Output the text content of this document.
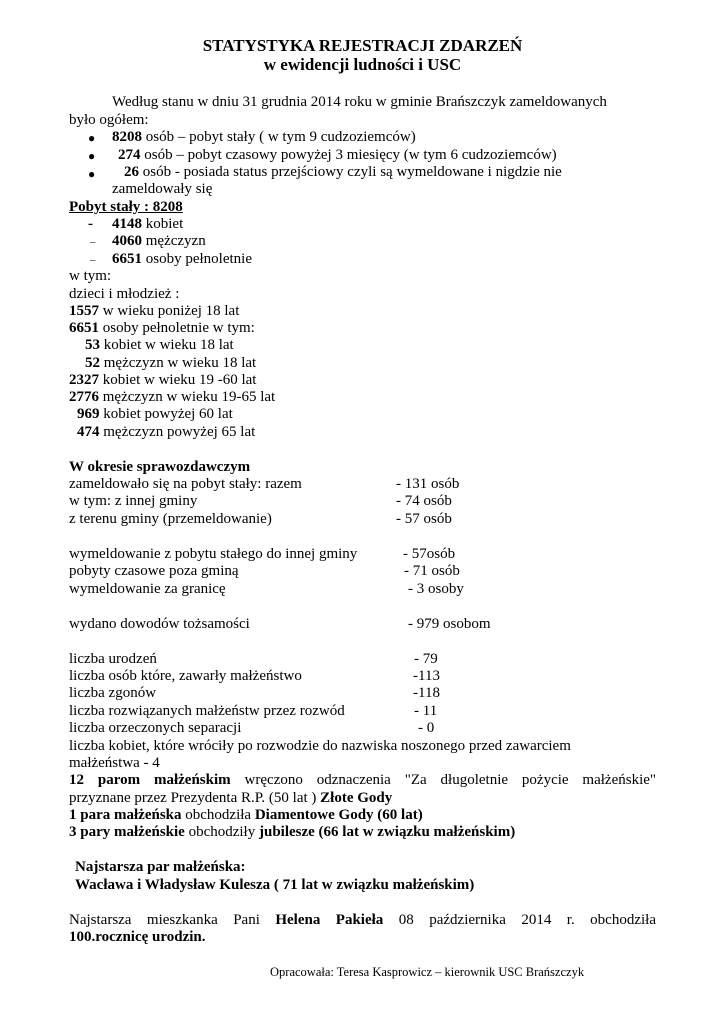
STATYSTYKA REJESTRACJI ZDARZEŃ
w ewidencji ludności i USC
Według stanu w dniu 31 grudnia 2014 roku w gminie Brańszczyk zameldowanych
było ogółem:
● 8208 osób – pobyt stały ( w tym 9 cudzoziemców)
● 274 osób – pobyt czasowy powyżej 3 miesięcy (w tym 6 cudzoziemców)
● 26 osób - posiada status przejściowy czyli są wymeldowane i nigdzie nie
zameldowały się
Pobyt stały : 8208
- 4148 kobiet
– 4060 mężczyzn
– 6651 osoby pełnoletnie
w tym:
dzieci i młodzież :
1557 w wieku poniżej 18 lat
6651 osoby pełnoletnie w tym:
53 kobiet w wieku 18 lat
52 mężczyzn w wieku 18 lat
2327 kobiet w wieku 19 -60 lat
2776 mężczyzn w wieku 19-65 lat
969 kobiet powyżej 60 lat
474 mężczyzn powyżej 65 lat
W okresie sprawozdawczym
zameldowało się na pobyt stały: razem	- 131 osób
w tym: z innej gminy	- 74 osób
z terenu gminy (przemeldowanie)	- 57 osób
wymeldowanie z pobytu stałego do innej gminy	- 57osób
pobyty czasowe poza gminą	- 71 osób
wymeldowanie za granicę	- 3 osoby
wydano dowodów tożsamości	- 979 osobom
liczba urodzeń	- 79
liczba osób które, zawarły małżeństwo	-113
liczba zgonów	-118
liczba rozwiązanych małżeństw przez rozwód	- 11
liczba orzeczonych separacji	- 0
liczba kobiet, które wróciły po rozwodzie do nazwiska noszonego przed zawarciem
małżeństwa - 4
12 parom małżeńskim wręczono odznaczenia "Za długoletnie pożycie małżeńskie"
przyznane przez Prezydenta R.P. (50 lat ) Złote Gody
1 para małżeńska obchodziła Diamentowe Gody (60 lat)
3 pary małżeńskie obchodziły jubilesze (66 lat w związku małżeńskim)
Najstarsza par małżeńska:
Wacława i Władysław Kulesza ( 71 lat w związku małżeńskim)
Najstarsza mieszkanka Pani Helena Pakieła 08 października 2014 r. obchodziła
100.rocznicę urodzin.
Opracowała: Teresa Kasprowicz – kierownik USC Brańszczyk
